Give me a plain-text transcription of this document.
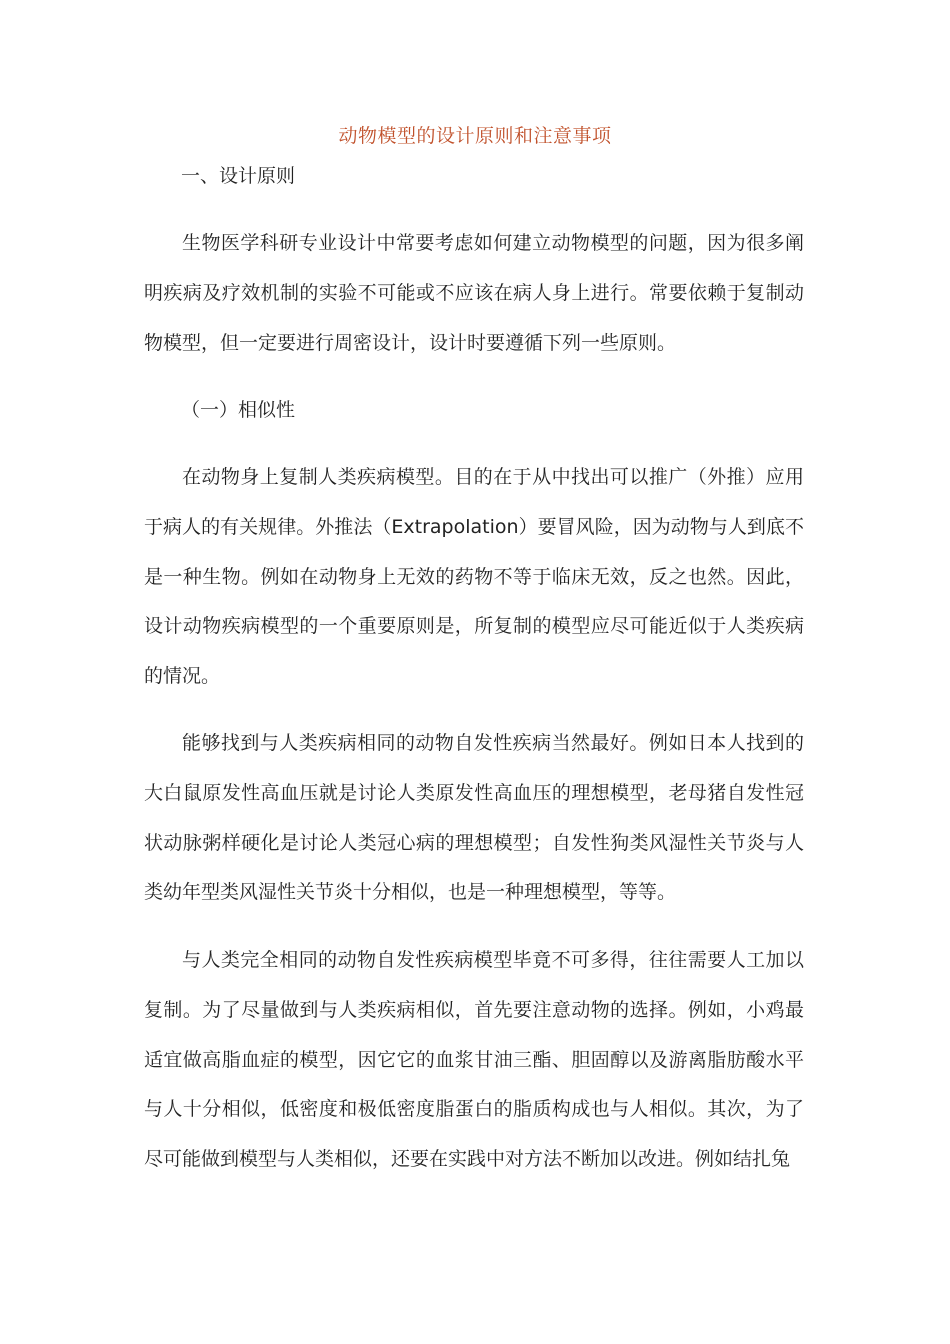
动物模型的设计原则和注意事项
一、设计原则

生物医学科研专业设计中常要考虑如何建立动物模型的问题，因为很多阐明疾病及疗效机制的实验不可能或不应该在病人身上进行。常要依赖于复制动物模型，但一定要进行周密设计，设计时要遵循下列一些原则。

（一）相似性

在动物身上复制人类疾病模型。目的在于从中找出可以推广（外推）应用于病人的有关规律。外推法（Extrapolation）要冒风险，因为动物与人到底不是一种生物。例如在动物身上无效的药物不等于临床无效，反之也然。因此，设计动物疾病模型的一个重要原则是，所复制的模型应尽可能近似于人类疾病的情况。

能够找到与人类疾病相同的动物自发性疾病当然最好。例如日本人找到的大白鼠原发性高血压就是讨论人类原发性高血压的理想模型，老母猪自发性冠状动脉粥样硬化是讨论人类冠心病的理想模型；自发性狗类风湿性关节炎与人类幼年型类风湿性关节炎十分相似，也是一种理想模型，等等。

与人类完全相同的动物自发性疾病模型毕竟不可多得，往往需要人工加以复制。为了尽量做到与人类疾病相似，首先要注意动物的选择。例如，小鸡最适宜做高脂血症的模型，因它它的血浆甘油三酯、胆固醇以及游离脂肪酸水平与人十分相似，低密度和极低密度脂蛋白的脂质构成也与人相似。其次，为了尽可能做到模型与人类相似，还要在实践中对方法不断加以改进。例如结扎兔
